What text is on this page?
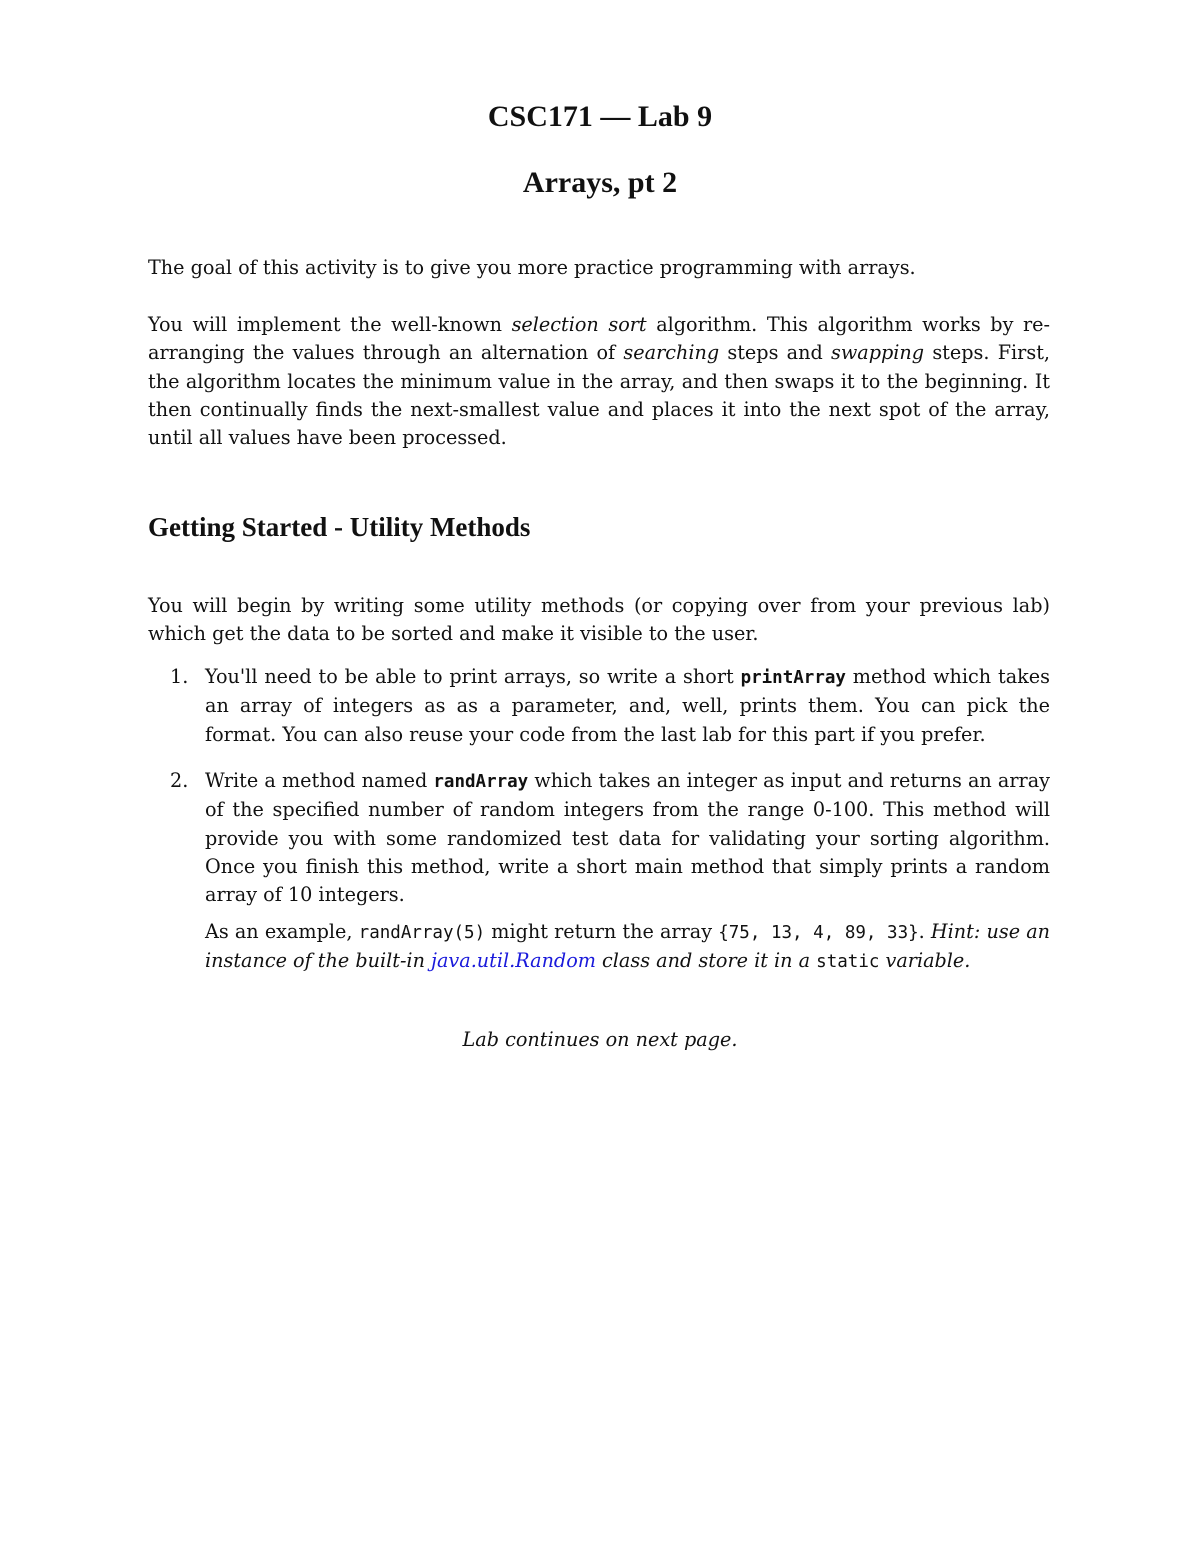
CSC171 — Lab 9
Arrays, pt 2

The goal of this activity is to give you more practice programming with arrays.

You will implement the well-known selection sort algorithm. This algorithm works by re-arranging the values through an alternation of searching steps and swapping steps. First, the algorithm locates the minimum value in the array, and then swaps it to the beginning. It then continually finds the next-smallest value and places it into the next spot of the array, until all values have been processed.

Getting Started - Utility Methods

You will begin by writing some utility methods (or copying over from your previous lab) which get the data to be sorted and make it visible to the user.

1. You'll need to be able to print arrays, so write a short printArray method which takes an array of integers as as a parameter, and, well, prints them. You can pick the format. You can also reuse your code from the last lab for this part if you prefer.

2. Write a method named randArray which takes an integer as input and returns an array of the specified number of random integers from the range 0-100. This method will provide you with some randomized test data for validating your sorting algorithm. Once you finish this method, write a short main method that simply prints a random array of 10 integers.

As an example, randArray(5) might return the array {75, 13, 4, 89, 33}. Hint: use an instance of the built-in java.util.Random class and store it in a static variable.

Lab continues on next page.
